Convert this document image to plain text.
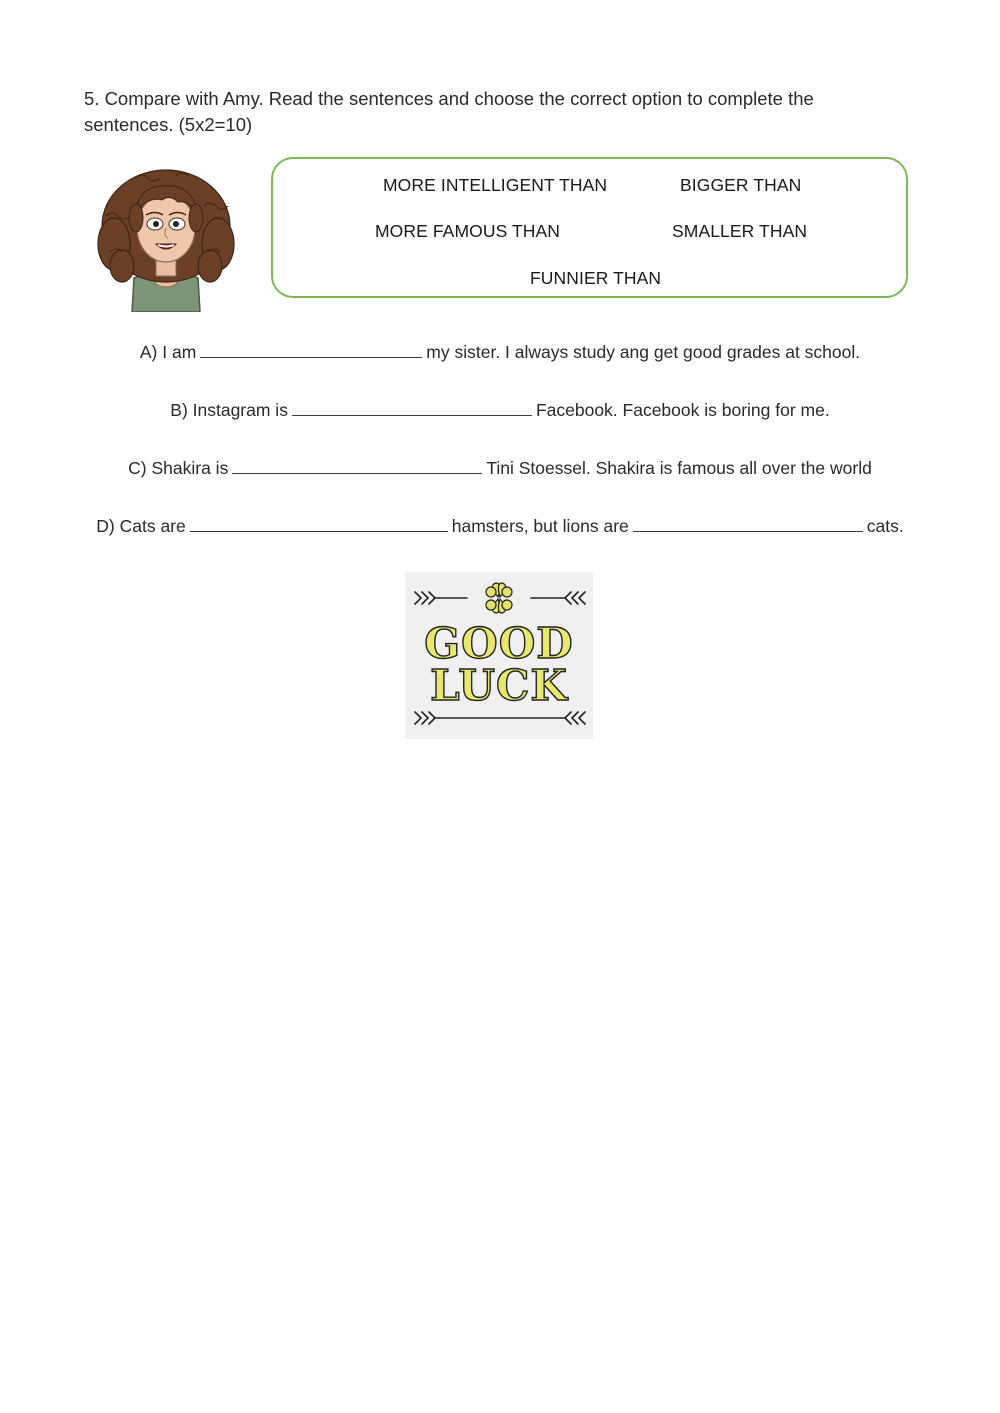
5. Compare with Amy. Read the sentences and choose the correct option to complete the sentences. (5x2=10)
MORE INTELLIGENT THAN	BIGGER THAN
MORE FAMOUS THAN	SMALLER THAN
FUNNIER THAN
A) I am	my sister. I always study ang get good grades at school.
B) Instagram is	Facebook. Facebook is boring for me.
C) Shakira is	Tini Stoessel. Shakira is famous all over the world
D) Cats are	hamsters, but lions are	cats.
GOOD
LUCK
